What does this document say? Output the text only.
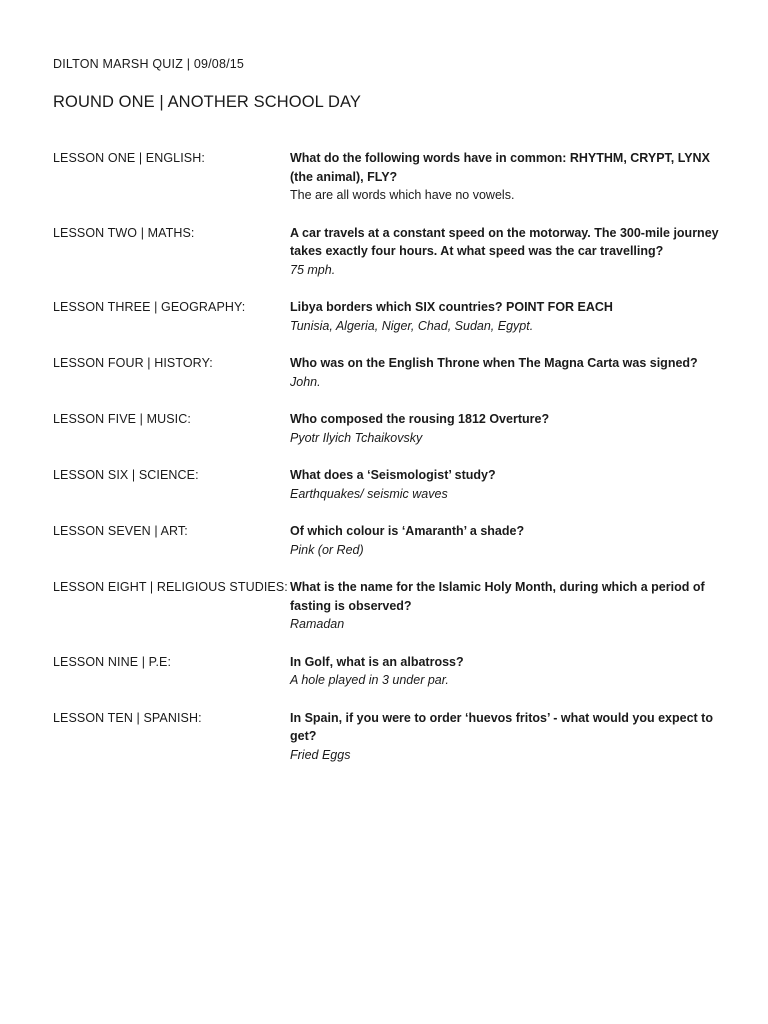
DILTON MARSH QUIZ | 09/08/15
ROUND ONE | ANOTHER SCHOOL DAY
LESSON ONE | ENGLISH:	What do the following words have in common: RHYTHM, CRYPT, LYNX (the animal), FLY?
The are all words which have no vowels.
LESSON TWO | MATHS:	A car travels at a constant speed on the motorway. The 300-mile journey takes exactly four hours. At what speed was the car travelling?
75 mph.
LESSON THREE | GEOGRAPHY:	Libya borders which SIX countries? POINT FOR EACH
Tunisia, Algeria, Niger, Chad, Sudan, Egypt.
LESSON FOUR | HISTORY:	Who was on the English Throne when The Magna Carta was signed?
John.
LESSON FIVE | MUSIC:	Who composed the rousing 1812 Overture?
Pyotr Ilyich Tchaikovsky
LESSON SIX | SCIENCE:	What does a ‘Seismologist’ study?
Earthquakes/ seismic waves
LESSON SEVEN | ART:	Of which colour is ‘Amaranth’ a shade?
Pink (or Red)
LESSON EIGHT | RELIGIOUS STUDIES: What is the name for the Islamic Holy Month, during which a period of fasting is observed?
Ramadan
LESSON NINE | P.E:	In Golf, what is an albatross?
A hole played in 3 under par.
LESSON TEN | SPANISH:	In Spain, if you were to order ‘huevos fritos’ - what would you expect to get?
Fried Eggs
